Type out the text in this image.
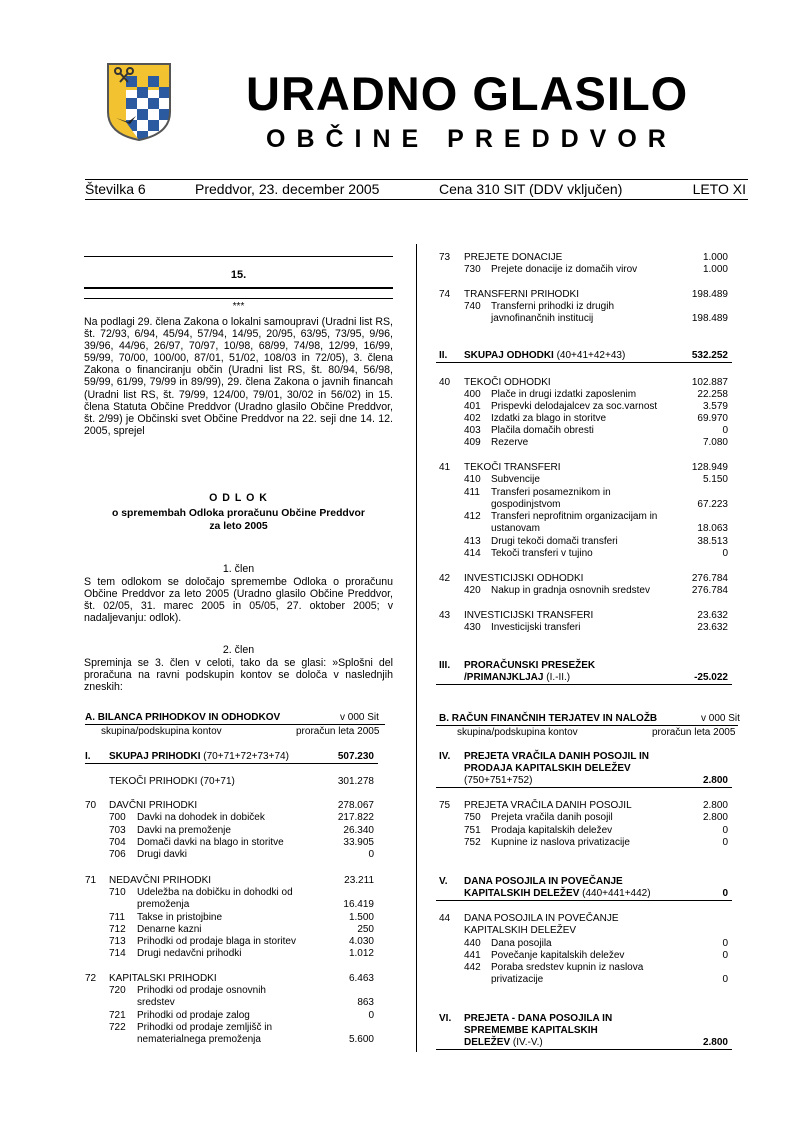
URADNO GLASILO
OBČINE PREDDVOR
Številka 6	Preddvor, 23. december 2005	Cena 310 SIT (DDV vključen)	LETO XI
15.
***
Na podlagi 29. člena Zakona o lokalni samoupravi (Uradni list RS, št. 72/93, 6/94, 45/94, 57/94, 14/95, 20/95, 63/95, 73/95, 9/96, 39/96, 44/96, 26/97, 70/97, 10/98, 68/99, 74/98, 12/99, 16/99, 59/99, 70/00, 100/00, 87/01, 51/02, 108/03 in 72/05), 3. člena Zakona o financiranju občin (Uradni list RS, št. 80/94, 56/98, 59/99, 61/99, 79/99 in 89/99), 29. člena Zakona o javnih financah (Uradni list RS, št. 79/99, 124/00, 79/01, 30/02 in 56/02) in 15. člena Statuta Občine Preddvor (Uradno glasilo Občine Preddvor, št. 2/99) je Občinski svet Občine Preddvor na 22. seji dne 14. 12. 2005, sprejel
O D L O K
o spremembah Odloka proračunu Občine Preddvor
za leto 2005
1. člen
S tem odlokom se določajo spremembe Odloka o proračunu Občine Preddvor za leto 2005 (Uradno glasilo Občine Preddvor, št. 02/05, 31. marec 2005 in 05/05, 27. oktober 2005; v nadaljevanju: odlok).
2. člen
Spreminja se 3. člen v celoti, tako da se glasi: »Splošni del proračuna na ravni podskupin kontov se določa v naslednjih zneskih:
A. BILANCA PRIHODKOV IN ODHODKOV	v 000 Sit
skupina/podskupina kontov	proračun leta 2005
I. SKUPAJ PRIHODKI (70+71+72+73+74)	507.230
TEKOČI PRIHODKI (70+71)	301.278
70 DAVČNI PRIHODKI	278.067
700 Davki na dohodek in dobiček	217.822
703 Davki na premoženje	26.340
704 Domači davki na blago in storitve	33.905
706 Drugi davki	0
71 NEDAVČNI PRIHODKI	23.211
710 Udeležba na dobičku in dohodki od
premoženja	16.419
711 Takse in pristojbine	1.500
712 Denarne kazni	250
713 Prihodki od prodaje blaga in storitev	4.030
714 Drugi nedavčni prihodki	1.012
72 KAPITALSKI PRIHODKI	6.463
720 Prihodki od prodaje osnovnih
sredstev	863
721 Prihodki od prodaje zalog	0
722 Prihodki od prodaje zemljišč in
nematerialnega premoženja	5.600
73 PREJETE DONACIJE	1.000
730 Prejete donacije iz domačih virov	1.000
74 TRANSFERNI PRIHODKI	198.489
740 Transferni prihodki iz drugih
javnofinančnih institucij	198.489
II. SKUPAJ ODHODKI (40+41+42+43)	532.252
40 TEKOČI ODHODKI	102.887
400 Plače in drugi izdatki zaposlenim	22.258
401 Prispevki delodajalcev za soc.varnost	3.579
402 Izdatki za blago in storitve	69.970
403 Plačila domačih obresti	0
409 Rezerve	7.080
41 TEKOČI TRANSFERI	128.949
410 Subvencije	5.150
411 Transferi posameznikom in
gospodinjstvom	67.223
412 Transferi neprofitnim organizacijam in
ustanovam	18.063
413 Drugi tekoči domači transferi	38.513
414 Tekoči transferi v tujino	0
42 INVESTICIJSKI ODHODKI	276.784
420 Nakup in gradnja osnovnih sredstev	276.784
43 INVESTICIJSKI TRANSFERI	23.632
430 Investicijski transferi	23.632
III. PRORAČUNSKI PRESEŽEK
/PRIMANJKLJAJ (I.-II.)	-25.022
B. RAČUN FINANČNIH TERJATEV IN NALOŽB	v 000 Sit
skupina/podskupina kontov	proračun leta 2005
IV. PREJETA VRAČILA DANIH POSOJIL IN
PRODAJA KAPITALSKIH DELEŽEV
(750+751+752)	2.800
75 PREJETA VRAČILA DANIH POSOJIL	2.800
750 Prejeta vračila danih posojil	2.800
751 Prodaja kapitalskih deležev	0
752 Kupnine iz naslova privatizacije	0
V. DANA POSOJILA IN POVEČANJE
KAPITALSKIH DELEŽEV (440+441+442)	0
44 DANA POSOJILA IN POVEČANJE
KAPITALSKIH DELEŽEV
440 Dana posojila	0
441 Povečanje kapitalskih deležev	0
442 Poraba sredstev kupnin iz naslova
privatizacije	0
VI. PREJETA - DANA POSOJILA IN
SPREMEMBE KAPITALSKIH
DELEŽEV (IV.-V.)	2.800
